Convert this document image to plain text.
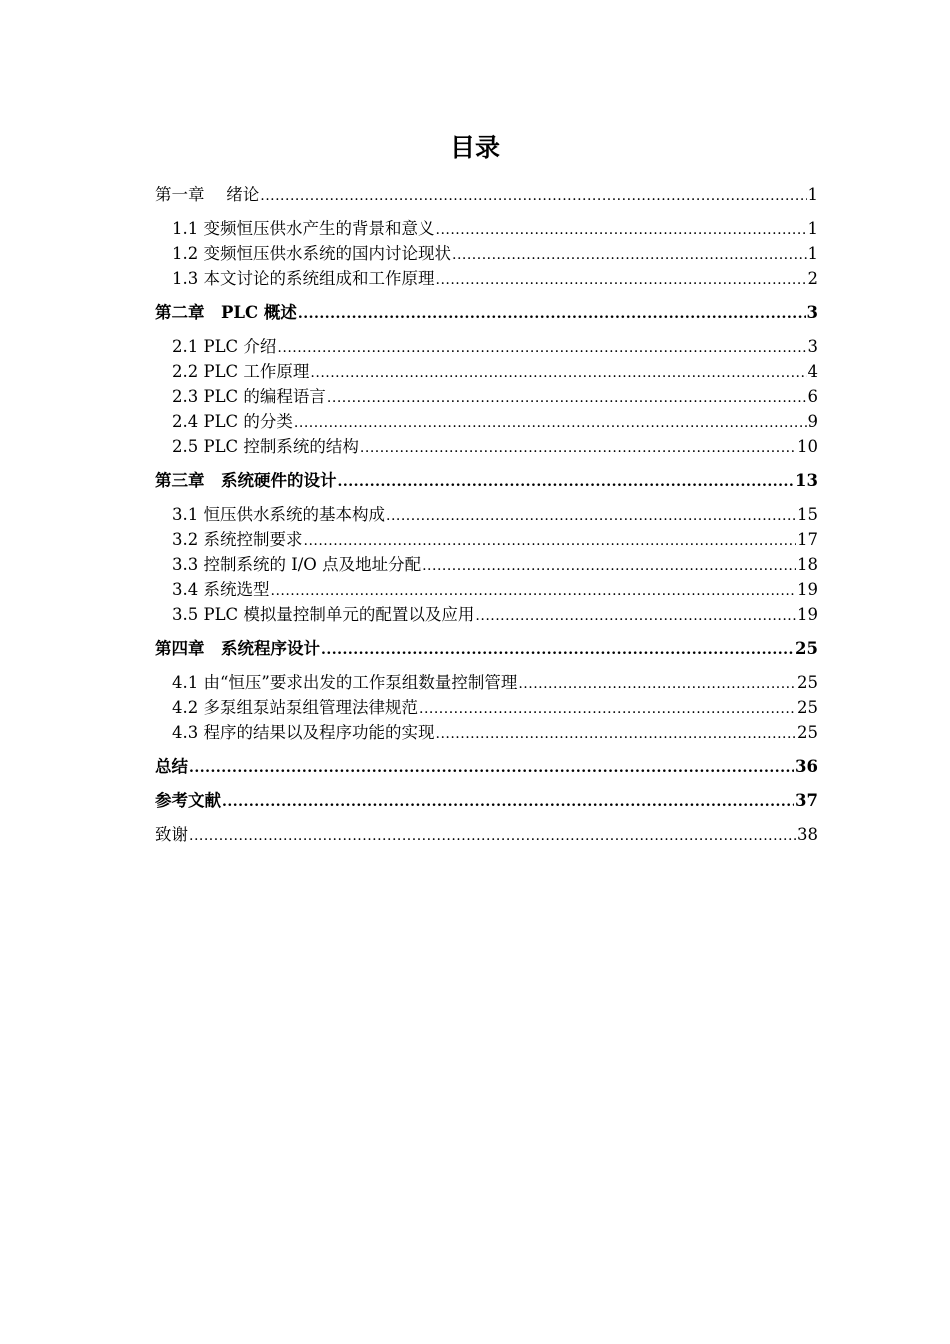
目录
第一章　 绪论 .....	1
1.1 变频恒压供水产生的背景和意义 .....	1
1.2 变频恒压供水系统的国内讨论现状 .....	1
1.3 本文讨论的系统组成和工作原理 .....	2
第二章　PLC 概述 .....	3
2.1 PLC 介绍 .....	3
2.2 PLC 工作原理 .....	4
2.3 PLC 的编程语言 .....	6
2.4 PLC 的分类 .....	9
2.5 PLC 控制系统的结构 .....	10
第三章　系统硬件的设计 .....	13
3.1 恒压供水系统的基本构成 .....	15
3.2 系统控制要求 .....	17
3.3 控制系统的 I/O 点及地址分配 .....	18
3.4 系统选型 .....	19
3.5 PLC 模拟量控制单元的配置以及应用 .....	19
第四章　系统程序设计 .....	25
4.1 由“恒压”要求出发的工作泵组数量控制管理 .....	25
4.2 多泵组泵站泵组管理法律规范 .....	25
4.3 程序的结果以及程序功能的实现 .....	25
总结 .....	36
参考文献 .....	37
致谢 .....	38
